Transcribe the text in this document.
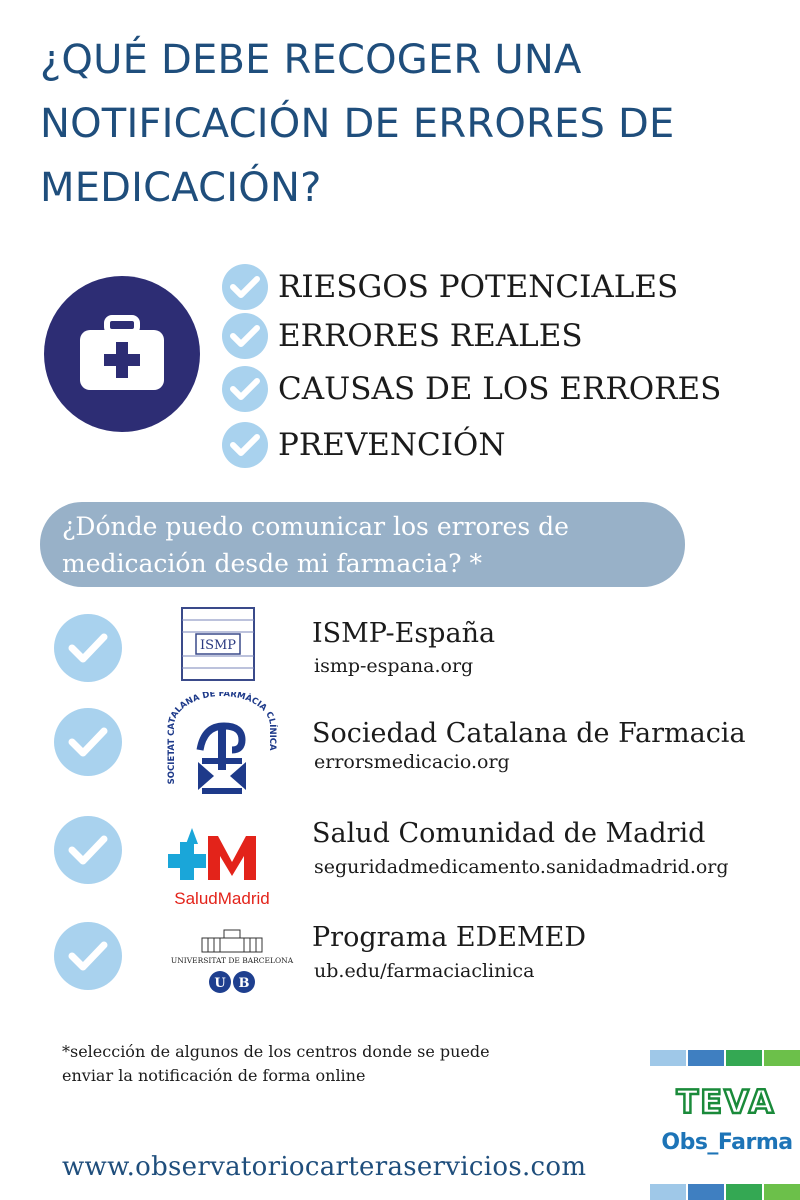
¿QUÉ DEBE RECOGER UNA
NOTIFICACIÓN DE ERRORES DE
MEDICACIÓN?
RIESGOS POTENCIALES
ERRORES REALES
CAUSAS DE LOS ERRORES
PREVENCIÓN
¿Dónde puedo comunicar los errores de
medicación desde mi farmacia? *
ISMP	ISMP-España
ismp-espana.org
SOCIETAT CATALANA DE FARMÀCIA CLÍNICA Sociedad Catalana de Farmacia
errorsmedicacio.org
SaludMadrid
Salud Comunidad de Madrid
seguridadmedicamento.sanidadmadrid.org
UNIVERSITAT DE BARCELONA
U B
Programa EDEMED
ub.edu/farmaciaclinica
*selección de algunos de los centros donde se puede
enviar la notificación de forma online
www.observatoriocarteraservicios.com
TEVA
Obs_Farma
